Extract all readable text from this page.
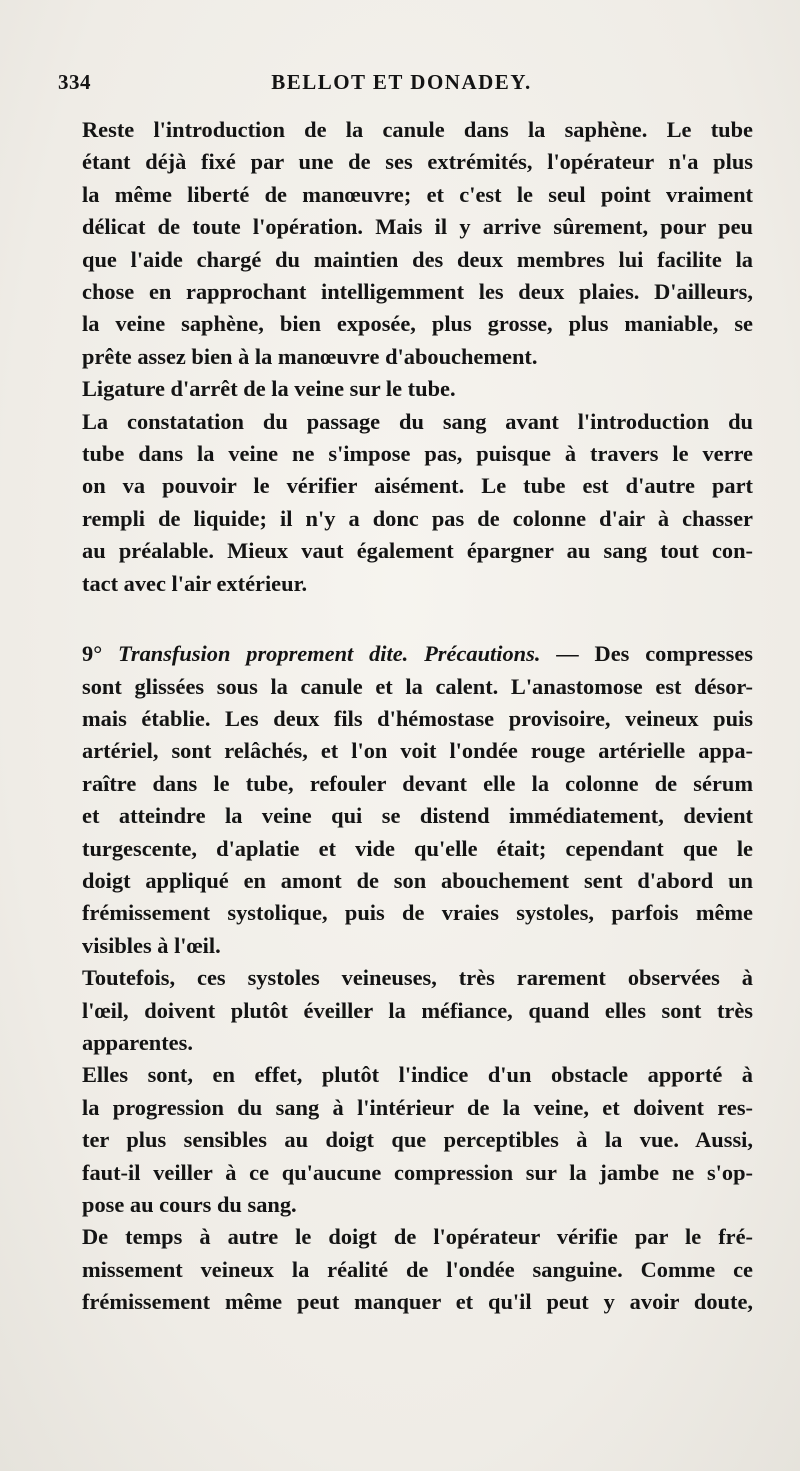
334	BELLOT ET DONADEY.

Reste l'introduction de la canule dans la saphène. Le tube
étant déjà fixé par une de ses extrémités, l'opérateur n'a plus
la même liberté de manœuvre; et c'est le seul point vraiment
délicat de toute l'opération. Mais il y arrive sûrement, pour peu
que l'aide chargé du maintien des deux membres lui facilite la
chose en rapprochant intelligemment les deux plaies. D'ailleurs,
la veine saphène, bien exposée, plus grosse, plus maniable, se
prête assez bien à la manœuvre d'abouchement.

Ligature d'arrêt de la veine sur le tube.

La constatation du passage du sang avant l'introduction du
tube dans la veine ne s'impose pas, puisque à travers le verre
on va pouvoir le vérifier aisément. Le tube est d'autre part
rempli de liquide; il n'y a donc pas de colonne d'air à chasser
au préalable. Mieux vaut également épargner au sang tout con-
tact avec l'air extérieur.

9° Transfusion proprement dite. Précautions. — Des compresses
sont glissées sous la canule et la calent. L'anastomose est désor-
mais établie. Les deux fils d'hémostase provisoire, veineux puis
artériel, sont relâchés, et l'on voit l'ondée rouge artérielle appa-
raître dans le tube, refouler devant elle la colonne de sérum
et atteindre la veine qui se distend immédiatement, devient
turgescente, d'aplatie et vide qu'elle était; cependant que le
doigt appliqué en amont de son abouchement sent d'abord un
frémissement systolique, puis de vraies systoles, parfois même
visibles à l'œil.

Toutefois, ces systoles veineuses, très rarement observées à
l'œil, doivent plutôt éveiller la méfiance, quand elles sont très
apparentes.

Elles sont, en effet, plutôt l'indice d'un obstacle apporté à
la progression du sang à l'intérieur de la veine, et doivent res-
ter plus sensibles au doigt que perceptibles à la vue. Aussi,
faut-il veiller à ce qu'aucune compression sur la jambe ne s'op-
pose au cours du sang.

De temps à autre le doigt de l'opérateur vérifie par le fré-
missement veineux la réalité de l'ondée sanguine. Comme ce
frémissement même peut manquer et qu'il peut y avoir doute,
